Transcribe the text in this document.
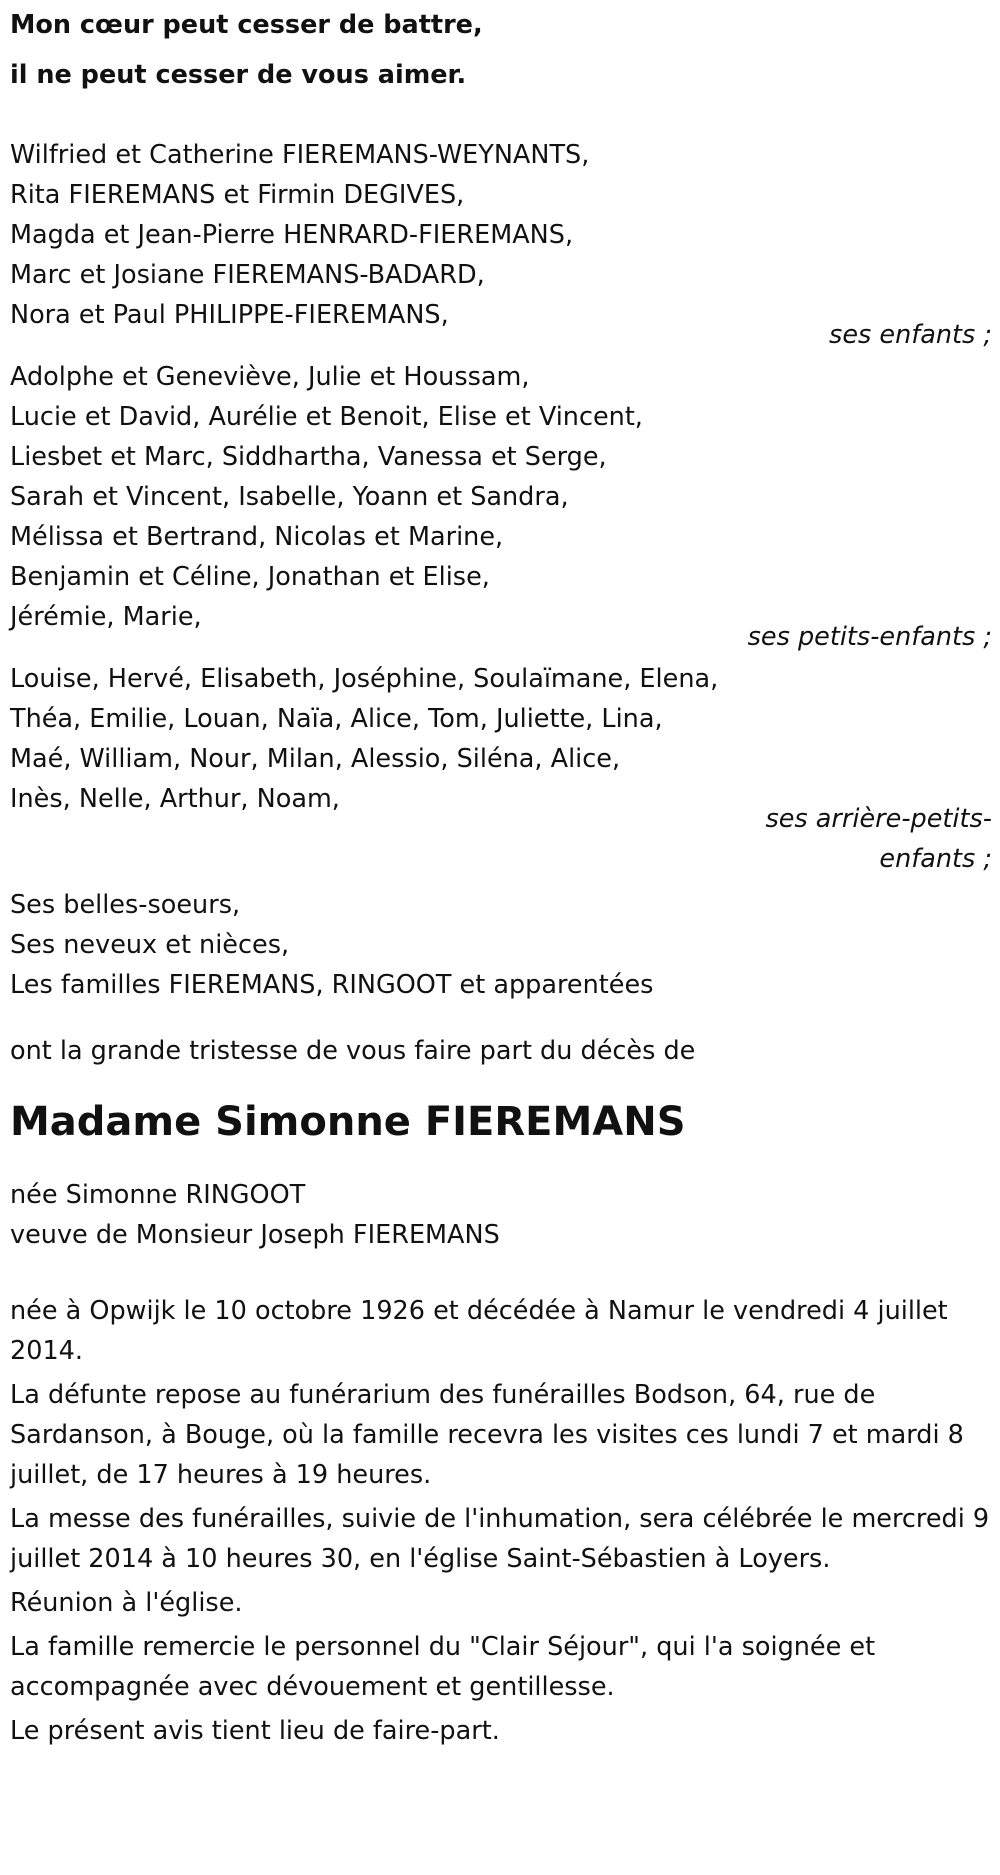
Mon cœur peut cesser de battre,
il ne peut cesser de vous aimer.
Wilfried et Catherine FIEREMANS-WEYNANTS,
Rita FIEREMANS et Firmin DEGIVES,
Magda et Jean-Pierre HENRARD-FIEREMANS,
Marc et Josiane FIEREMANS-BADARD,
Nora et Paul PHILIPPE-FIEREMANS,
ses enfants ;
Adolphe et Geneviève, Julie et Houssam,
Lucie et David, Aurélie et Benoit, Elise et Vincent,
Liesbet et Marc, Siddhartha, Vanessa et Serge,
Sarah et Vincent, Isabelle, Yoann et Sandra,
Mélissa et Bertrand, Nicolas et Marine,
Benjamin et Céline, Jonathan et Elise,
Jérémie, Marie,
ses petits-enfants ;
Louise, Hervé, Elisabeth, Joséphine, Soulaïmane, Elena,
Théa, Emilie, Louan, Naïa, Alice, Tom, Juliette, Lina,
Maé, William, Nour, Milan, Alessio, Siléna, Alice,
Inès, Nelle, Arthur, Noam,
ses arrière-petits-
enfants ;
Ses belles-soeurs,
Ses neveux et nièces,
Les familles FIEREMANS, RINGOOT et apparentées
ont la grande tristesse de vous faire part du décès de
Madame Simonne FIEREMANS
née Simonne RINGOOT
veuve de Monsieur Joseph FIEREMANS

née à Opwijk le 10 octobre 1926 et décédée à Namur le vendredi 4 juillet 2014.

La défunte repose au funérarium des funérailles Bodson, 64, rue de Sardanson, à Bouge, où la famille recevra les visites ces lundi 7 et mardi 8 juillet, de 17 heures à 19 heures.

La messe des funérailles, suivie de l'inhumation, sera célébrée le mercredi 9 juillet 2014 à 10 heures 30, en l'église Saint-Sébastien à Loyers.

Réunion à l'église.

La famille remercie le personnel du "Clair Séjour", qui l'a soignée et accompagnée avec dévouement et gentillesse.

Le présent avis tient lieu de faire-part.
